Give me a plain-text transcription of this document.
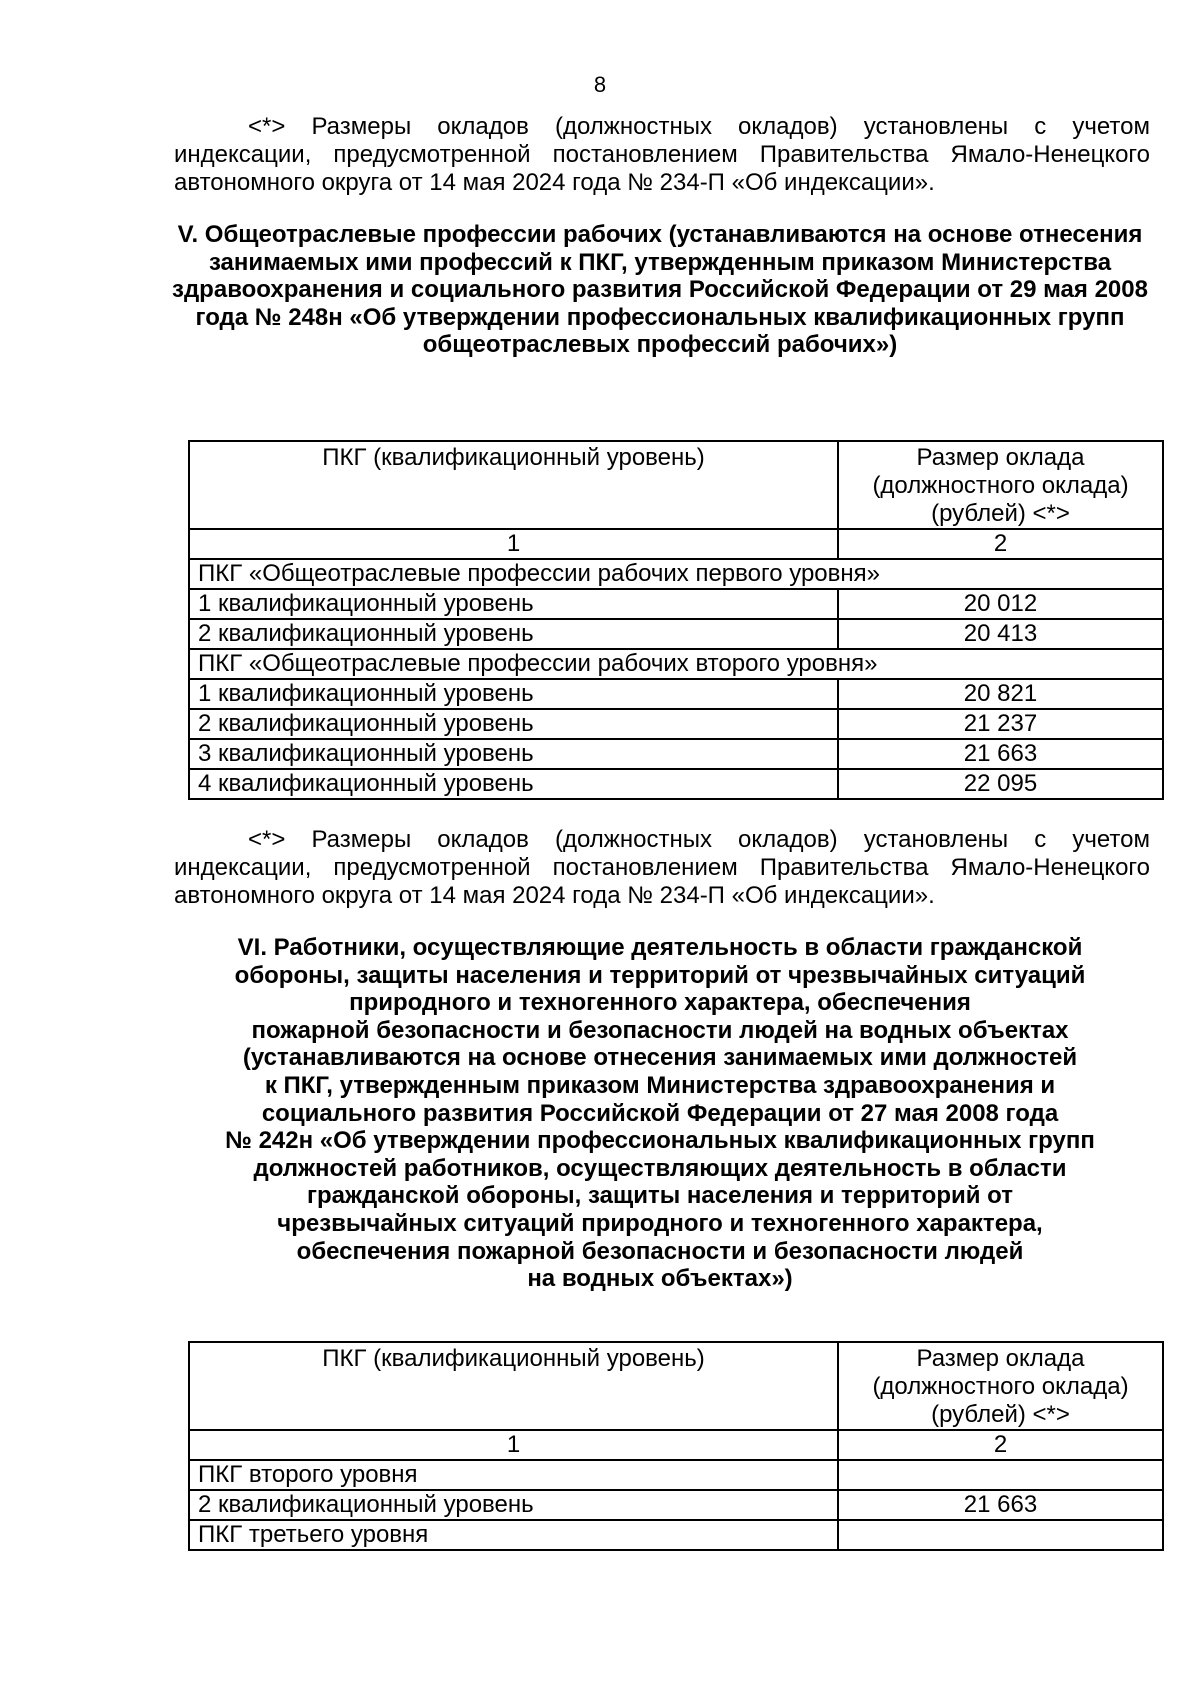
8
<*> Размеры окладов (должностных окладов) установлены с учетом индексации, предусмотренной постановлением Правительства Ямало-Ненецкого автономного округа от 14 мая 2024 года № 234-П «Об индексации».
V. Общеотраслевые профессии рабочих (устанавливаются на основе отнесения занимаемых ими профессий к ПКГ, утвержденным приказом Министерства здравоохранения и социального развития Российской Федерации от 29 мая 2008 года № 248н «Об утверждении профессиональных квалификационных групп общеотраслевых профессий рабочих»)
ПКГ (квалификационный уровень)	Размер оклада (должностного оклада) (рублей) <*>
1	2
ПКГ «Общеотраслевые профессии рабочих первого уровня»	
1 квалификационный уровень	20 012
2 квалификационный уровень	20 413
ПКГ «Общеотраслевые профессии рабочих второго уровня»	
1 квалификационный уровень	20 821
2 квалификационный уровень	21 237
3 квалификационный уровень	21 663
4 квалификационный уровень	22 095
<*> Размеры окладов (должностных окладов) установлены с учетом индексации, предусмотренной постановлением Правительства Ямало-Ненецкого автономного округа от 14 мая 2024 года № 234-П «Об индексации».
VI. Работники, осуществляющие деятельность в области гражданской
обороны, защиты населения и территорий от чрезвычайных ситуаций
природного и техногенного характера, обеспечения
пожарной безопасности и безопасности людей на водных объектах
(устанавливаются на основе отнесения занимаемых ими должностей
к ПКГ, утвержденным приказом Министерства здравоохранения и
социального развития Российской Федерации от 27 мая 2008 года
№ 242н «Об утверждении профессиональных квалификационных групп
должностей работников, осуществляющих деятельность в области
гражданской обороны, защиты населения и территорий от
чрезвычайных ситуаций природного и техногенного характера,
обеспечения пожарной безопасности и безопасности людей
на водных объектах»)
ПКГ (квалификационный уровень)	Размер оклада (должностного оклада) (рублей) <*>
1	2
ПКГ второго уровня	
2 квалификационный уровень	21 663
ПКГ третьего уровня	
